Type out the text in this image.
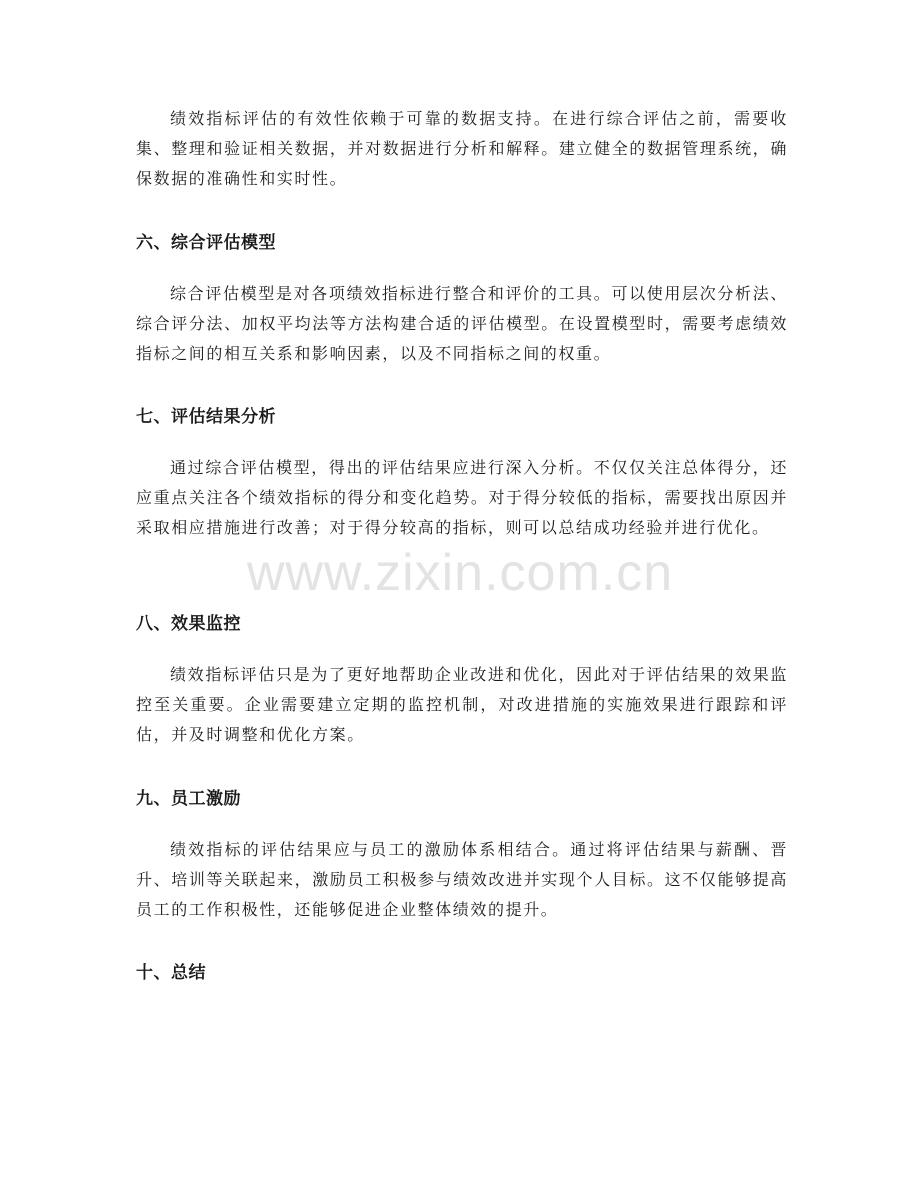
绩效指标评估的有效性依赖于可靠的数据支持。在进行综合评估之前，需要收集、整理和验证相关数据，并对数据进行分析和解释。建立健全的数据管理系统，确保数据的准确性和实时性。

六、综合评估模型

综合评估模型是对各项绩效指标进行整合和评价的工具。可以使用层次分析法、综合评分法、加权平均法等方法构建合适的评估模型。在设置模型时，需要考虑绩效指标之间的相互关系和影响因素，以及不同指标之间的权重。

七、评估结果分析

通过综合评估模型，得出的评估结果应进行深入分析。不仅仅关注总体得分，还应重点关注各个绩效指标的得分和变化趋势。对于得分较低的指标，需要找出原因并采取相应措施进行改善；对于得分较高的指标，则可以总结成功经验并进行优化。

八、效果监控

绩效指标评估只是为了更好地帮助企业改进和优化，因此对于评估结果的效果监控至关重要。企业需要建立定期的监控机制，对改进措施的实施效果进行跟踪和评估，并及时调整和优化方案。

九、员工激励

绩效指标的评估结果应与员工的激励体系相结合。通过将评估结果与薪酬、晋升、培训等关联起来，激励员工积极参与绩效改进并实现个人目标。这不仅能够提高员工的工作积极性，还能够促进企业整体绩效的提升。

十、总结
www.zixin.com.cn
